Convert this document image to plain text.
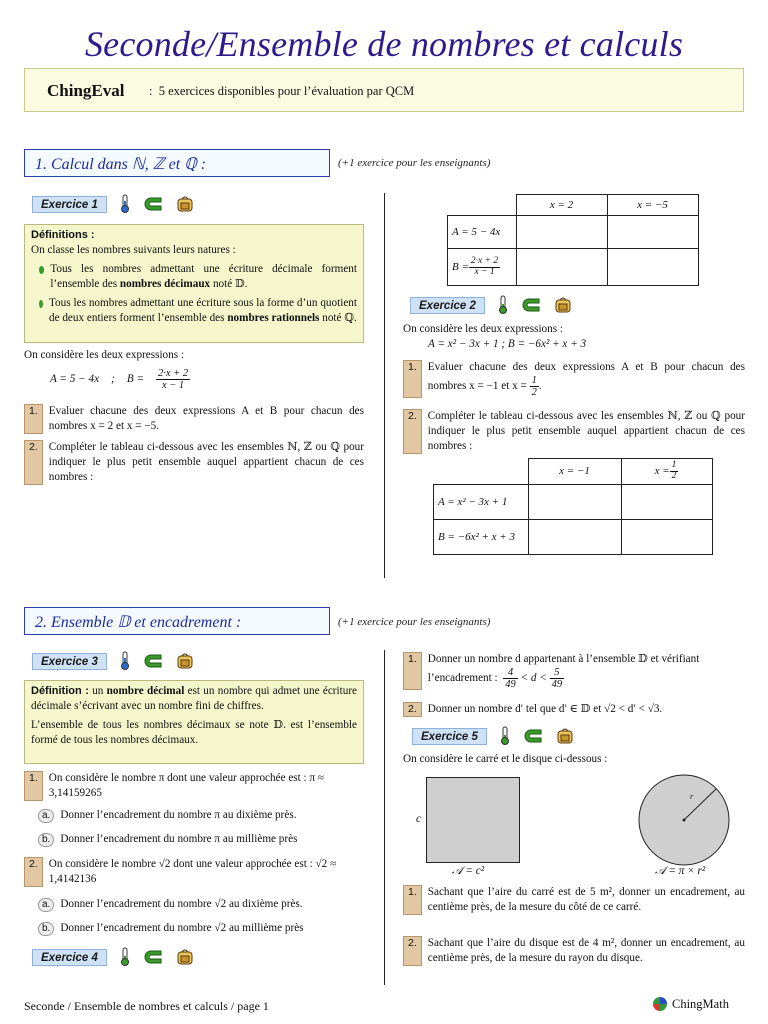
Seconde/Ensemble de nombres et calculs
ChingEval :  5 exercices disponibles pour l’évaluation par QCM
1. Calcul dans ℕ, ℤ et ℚ :	(+1 exercice pour les enseignants)
Exercice 1
Définitions :
On classe les nombres suivants leurs natures :
Tous les nombres admettant une écriture décimale forment l’ensemble des nombres décimaux noté 𝔻.
Tous les nombres admettant une écriture sous la forme d’un quotient de deux entiers forment l’ensemble des nombres rationnels noté ℚ.
On considère les deux expressions :
A = 5 − 4x ; $B = \frac{2\cdot x + 2}{x - 1}$
1. Evaluer chacune des deux expressions A et B pour chacun des nombres x = 2 et x = −5.
2. Compléter le tableau ci-dessous avec les ensembles ℕ, ℤ ou ℚ pour indiquer le plus petit ensemble auquel appartient chacun de ces nombres :
	x = 2	x = −5
A = 5 − 4x		
$B = \frac{2\cdot x + 2}{x - 1}$

Exercice 2
On considère les deux expressions :
A = x² − 3x + 1 ; B = −6x² + x + 3
1. Evaluer chacune des deux expressions A et B pour chacun des nombres x = −1 et $x = \frac{1}{2}$ .
2. Compléter le tableau ci-dessous avec les ensembles ℕ, ℤ ou ℚ pour indiquer le plus petit ensemble auquel appartient chacun de ces nombres :
	x = −1	$x = \frac{1}{2}$

A = x² − 3x + 1		
B = −6x² + x + 3		
2. Ensemble 𝔻 et encadrement :	(+1 exercice pour les enseignants)
Exercice 3
Définition : un nombre décimal est un nombre qui admet une écriture décimale s’écrivant avec un nombre fini de chiffres.
L’ensemble de tous les nombres décimaux se note 𝔻. est l’ensemble formé de tous les nombres décimaux.
1. On considère le nombre π dont une valeur approchée est : π ≈ 3,14159265
a. Donner l’encadrement du nombre π au dixième près.
b. Donner l’encadrement du nombre π au millième près
2. On considère le nombre √2 dont une valeur approchée est : √2 ≈ 1,4142136
a. Donner l’encadrement du nombre √2 au dixième près.
b. Donner l’encadrement du nombre √2 au millième près
Exercice 4
1. Donner un nombre d appartenant à l’ensemble 𝔻 et vérifiant l’encadrement : $\frac{4}{49} < d < \frac{5}{49}$
2. Donner un nombre d′ tel que d′ ∈ 𝔻 et √2 < d′ < √3.
Exercice 5
On considère le carré et le disque ci-dessous :
c
𝒜 = c²
r
𝒜 = π × r²
1. Sachant que l’aire du carré est de 5 m², donner un encadrement, au centième près, de la mesure du côté de ce carré.
2. Sachant que l’aire du disque est de 4 m², donner un encadrement, au centième près, de la mesure du rayon du disque.
Seconde / Ensemble de nombres et calculs / page 1	ChingMath
